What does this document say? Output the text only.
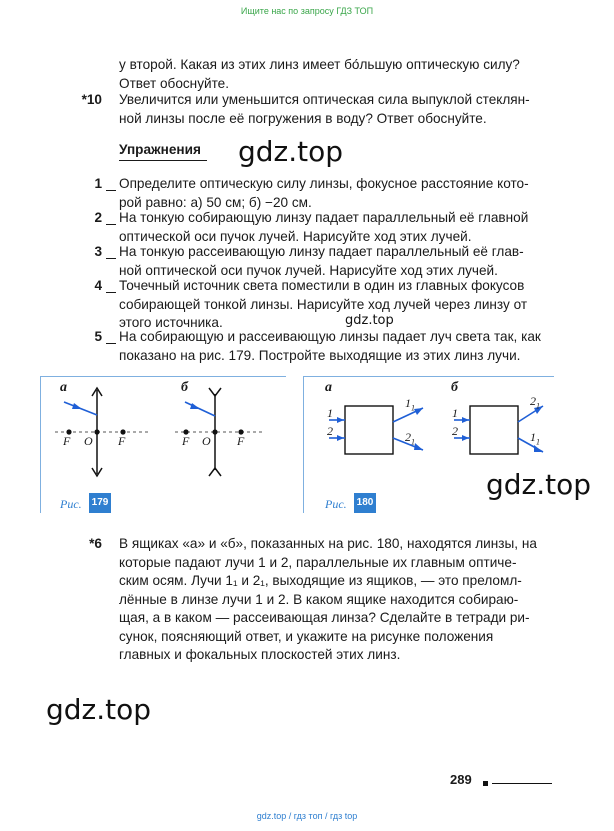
Ищите нас по запросу ГДЗ ТОП
gdz.top / гдз топ / гдз top
у второй. Какая из этих линз имеет бо́льшую оптическую силу?
Ответ обоснуйте.
*10 Увеличится или уменьшится оптическая сила выпуклой стеклян-
ной линзы после её погружения в воду? Ответ обоснуйте.
Упражнения gdz.top
1 Определите оптическую силу линзы, фокусное расстояние кото-
рой равно: а) 50 см; б) −20 см.
2 На тонкую собирающую линзу падает параллельный её главной
оптической оси пучок лучей. Нарисуйте ход этих лучей.
3 На тонкую рассеивающую линзу падает параллельный её глав-
ной оптической оси пучок лучей. Нарисуйте ход этих лучей.
4 Точечный источник света поместили в один из главных фокусов
собирающей тонкой линзы. Нарисуйте ход лучей через линзу от
этого источника.	gdz.top
5 На собирающую и рассеивающую линзы падает луч света так, как
показано на рис. 179. Постройте выходящие из этих линз лучи.
а	б
F O F	F O F
Рис. 179
а	б
1
2
$1_1$
$2_1$
1
2
$2_1$
$1_1$
Рис. 180
gdz.top
*6 В ящиках «а» и «б», показанных на рис. 180, находятся линзы, на
которые падают лучи 1 и 2, параллельные их главным оптиче-
ским осям. Лучи 1₁ и 2₁, выходящие из ящиков, — это преломл-
лённые в линзе лучи 1 и 2. В каком ящике находится собираю-
щая, а в каком — рассеивающая линза? Сделайте в тетради ри-
сунок, поясняющий ответ, и укажите на рисунке положения
главных и фокальных плоскостей этих линз.
gdz.top
289
